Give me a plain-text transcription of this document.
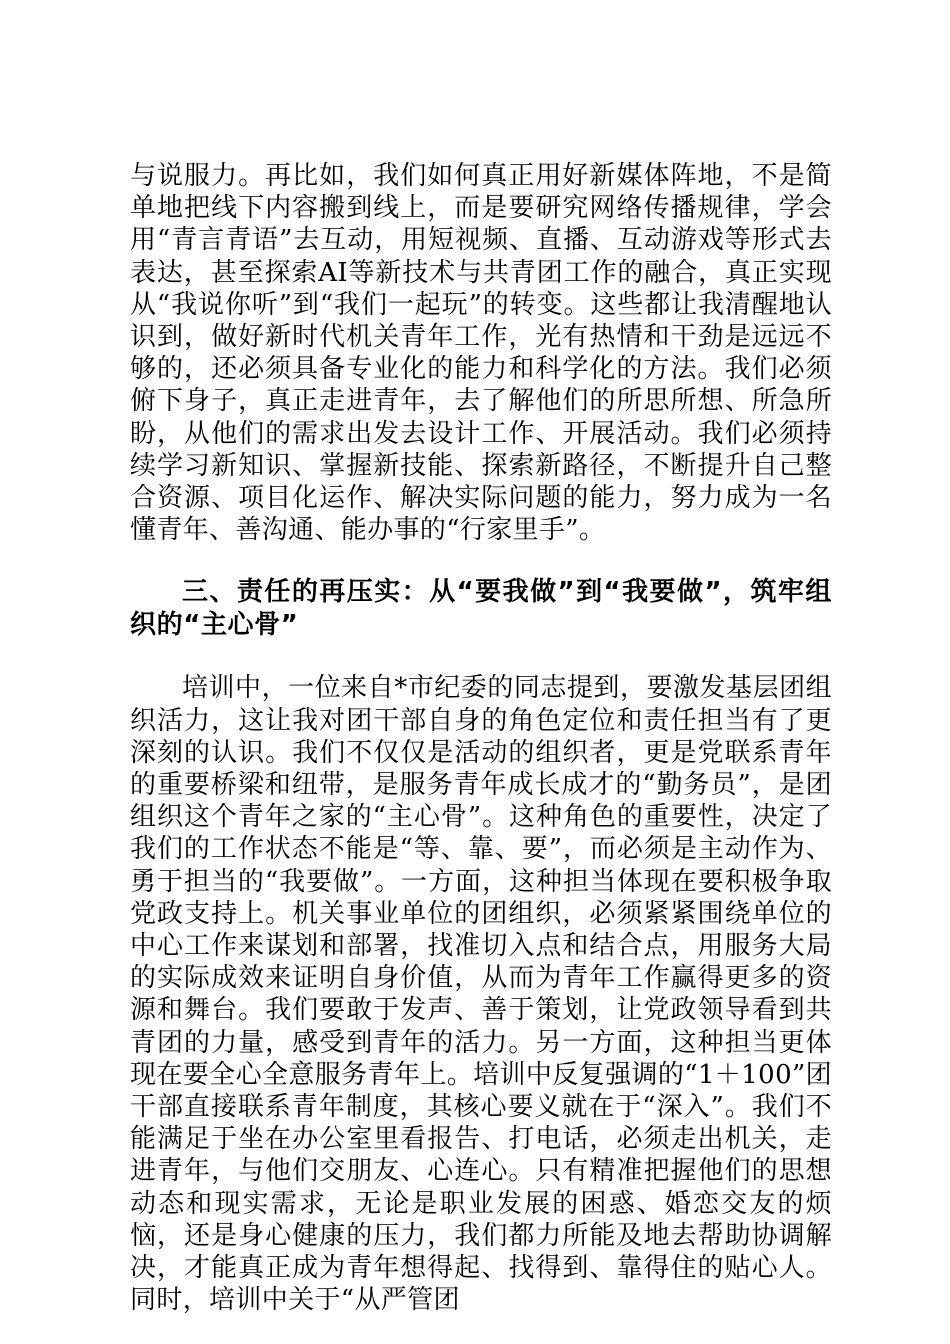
与说服力。再比如，我们如何真正用好新媒体阵地，不是简单地把线下内容搬到线上，而是要研究网络传播规律，学会用“青言青语”去互动，用短视频、直播、互动游戏等形式去表达，甚至探索AI等新技术与共青团工作的融合，真正实现从“我说你听”到“我们一起玩”的转变。这些都让我清醒地认识到，做好新时代机关青年工作，光有热情和干劲是远远不够的，还必须具备专业化的能力和科学化的方法。我们必须俯下身子，真正走进青年，去了解他们的所思所想、所急所盼，从他们的需求出发去设计工作、开展活动。我们必须持续学习新知识、掌握新技能、探索新路径，不断提升自己整合资源、项目化运作、解决实际问题的能力，努力成为一名懂青年、善沟通、能办事的“行家里手”。

三、责任的再压实：从“要我做”到“我要做”，筑牢组织的“主心骨”

培训中，一位来自*市纪委的同志提到，要激发基层团组织活力，这让我对团干部自身的角色定位和责任担当有了更深刻的认识。我们不仅仅是活动的组织者，更是党联系青年的重要桥梁和纽带，是服务青年成长成才的“勤务员”，是团组织这个青年之家的“主心骨”。这种角色的重要性，决定了我们的工作状态不能是“等、靠、要”，而必须是主动作为、勇于担当的“我要做”。一方面，这种担当体现在要积极争取党政支持上。机关事业单位的团组织，必须紧紧围绕单位的中心工作来谋划和部署，找准切入点和结合点，用服务大局的实际成效来证明自身价值，从而为青年工作赢得更多的资源和舞台。我们要敢于发声、善于策划，让党政领导看到共青团的力量，感受到青年的活力。另一方面，这种担当更体现在要全心全意服务青年上。培训中反复强调的“1＋100”团干部直接联系青年制度，其核心要义就在于“深入”。我们不能满足于坐在办公室里看报告、打电话，必须走出机关，走进青年，与他们交朋友、心连心。只有精准把握他们的思想动态和现实需求，无论是职业发展的困惑、婚恋交友的烦恼，还是身心健康的压力，我们都力所能及地去帮助协调解决，才能真正成为青年想得起、找得到、靠得住的贴心人。同时，培训中关于“从严管团
